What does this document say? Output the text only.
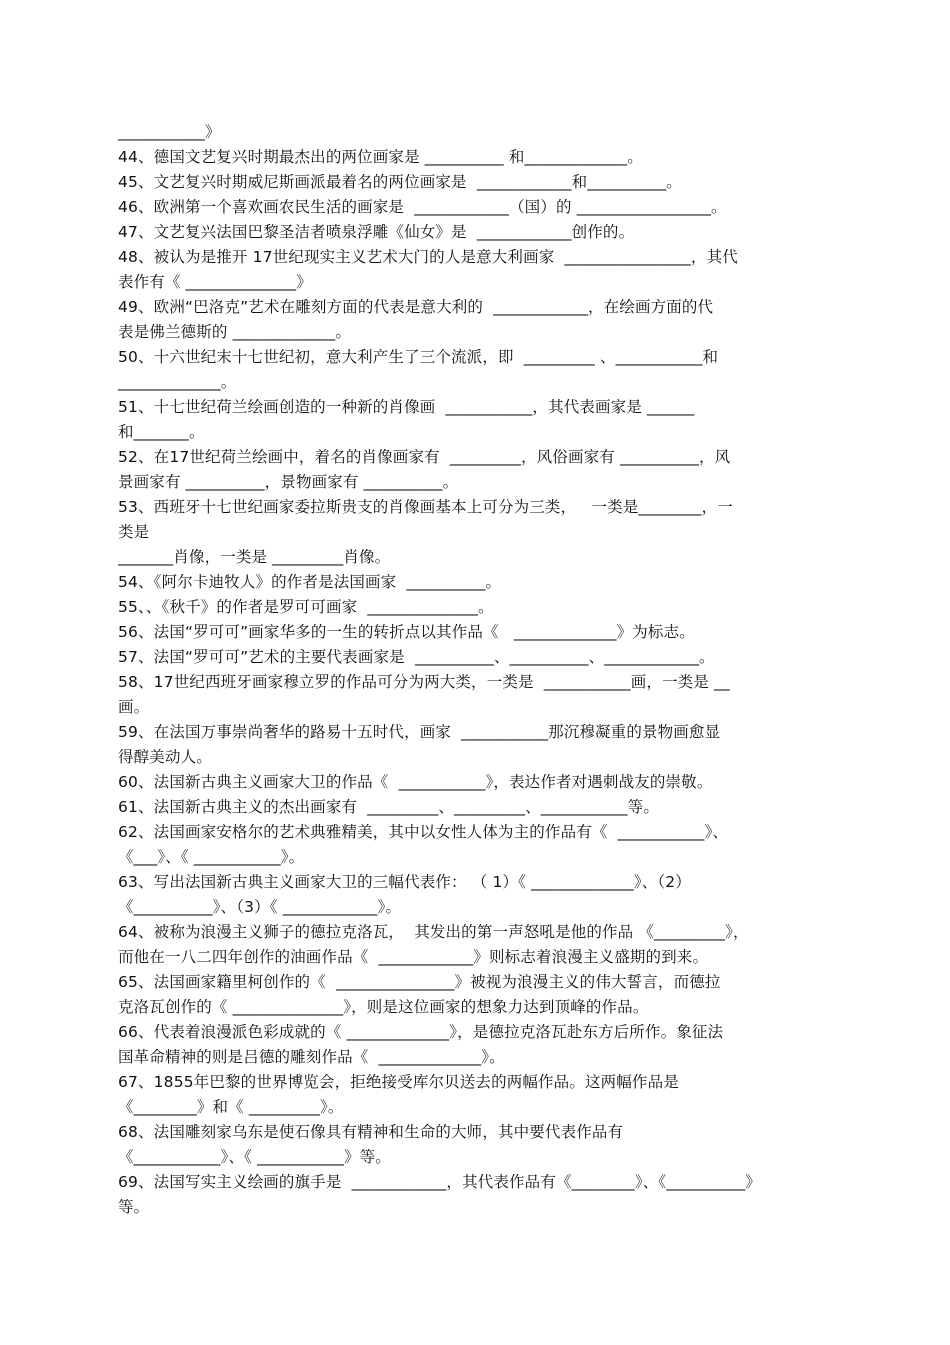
___________》
44、德国文艺复兴时期最杰出的两位画家是 __________ 和_____________。
45、文艺复兴时期威尼斯画派最着名的两位画家是  ____________和__________。
46、欧洲第一个喜欢画农民生活的画家是  ____________（国）的 _________________。
47、文艺复兴法国巴黎圣洁者喷泉浮雕《仙女》是  ____________创作的。
48、被认为是推开 17世纪现实主义艺术大门的人是意大利画家  ________________，其代
表作有《 ______________》
49、欧洲“巴洛克”艺术在雕刻方面的代表是意大利的  ____________，在绘画方面的代
表是佛兰德斯的 _____________。
50、十六世纪末十七世纪初，意大利产生了三个流派，即  _________ 、___________和
_____________。
51、十七世纪荷兰绘画创造的一种新的肖像画  ___________，其代表画家是 ______
和_______。
52、在17世纪荷兰绘画中，着名的肖像画家有  _________，风俗画家有 __________，风
景画家有 __________，景物画家有 __________。
53、西班牙十七世纪画家委拉斯贵支的肖像画基本上可分为三类，   一类是________，一
类是
_______肖像，一类是 _________肖像。
54、《阿尔卡迪牧人》的作者是法国画家  __________。
55、、《秋千》的作者是罗可可画家  ______________。
56、法国“罗可可”画家华多的一生的转折点以其作品《   _____________》为标志。
57、法国“罗可可”艺术的主要代表画家是  __________、__________、____________。
58、17世纪西班牙画家穆立罗的作品可分为两大类，一类是  ___________画，一类是 __
画。
59、在法国万事崇尚奢华的路易十五时代，画家  ___________那沉穆凝重的景物画愈显
得醇美动人。
60、法国新古典主义画家大卫的作品《  ___________》，表达作者对遇刺战友的崇敬。
61、法国新古典主义的杰出画家有  _________、_________、___________等。
62、法国画家安格尔的艺术典雅精美，其中以女性人体为主的作品有《  ___________》、
《___》、《 ___________》。
63、写出法国新古典主义画家大卫的三幅代表作： （ 1）《 _____________》、（2）
《__________》、（3）《 ____________》。
64、被称为浪漫主义狮子的德拉克洛瓦，  其发出的第一声怒吼是他的作品 《_________》，
而他在一八二四年创作的油画作品《  ____________》则标志着浪漫主义盛期的到来。
65、法国画家籍里柯创作的《  _______________》被视为浪漫主义的伟大誓言，而德拉
克洛瓦创作的《 ______________》，则是这位画家的想象力达到顶峰的作品。
66、代表着浪漫派色彩成就的《 _____________》，是德拉克洛瓦赴东方后所作。象征法
国革命精神的则是吕德的雕刻作品《  _____________》。
67、1855年巴黎的世界博览会，拒绝接受库尔贝送去的两幅作品。这两幅作品是
《________》和《 _________》。
68、法国雕刻家乌东是使石像具有精神和生命的大师，其中要代表作品有
《___________》、《 ___________》等。
69、法国写实主义绘画的旗手是  ____________，其代表作品有《________》、《__________》
等。
